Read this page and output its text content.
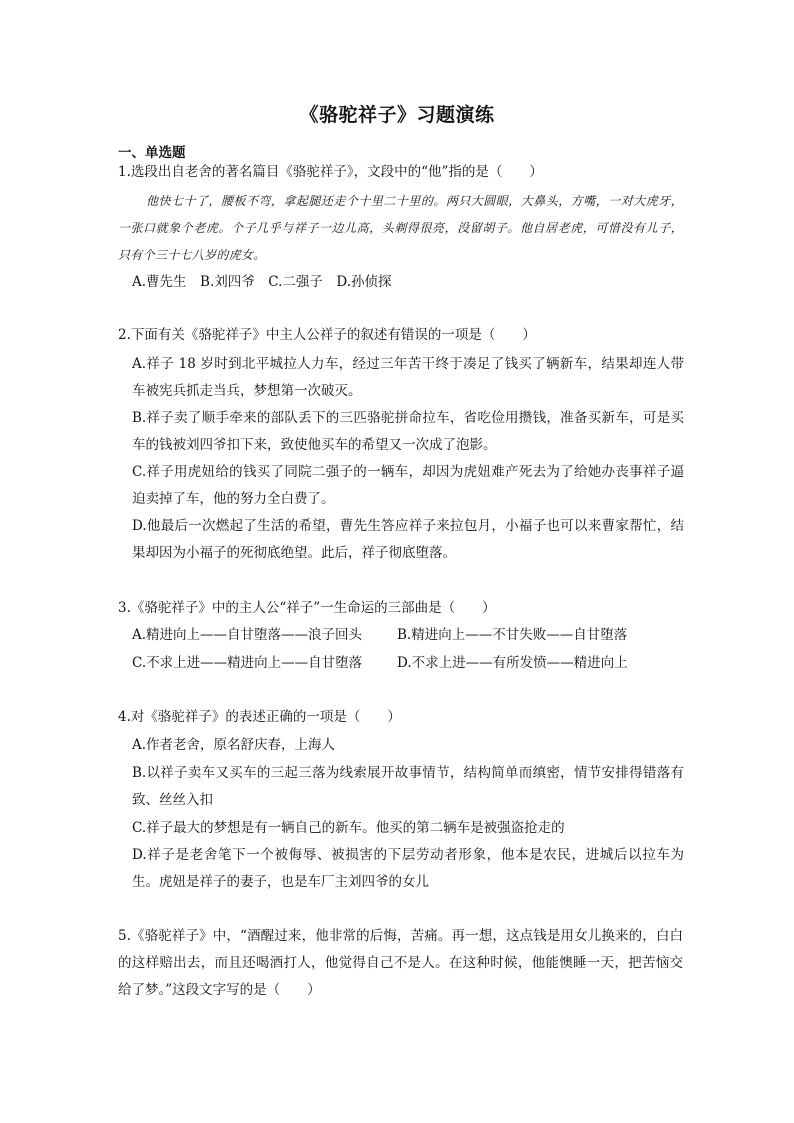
《骆驼祥子》习题演练
一、单选题
1.选段出自老舍的著名篇目《骆驼祥子》，文段中的“他”指的是（　　）
他快七十了，腰板不弯，拿起腿还走个十里二十里的。两只大圆眼，大鼻头，方嘴，一对大虎牙，一张口就象个老虎。个子几乎与祥子一边儿高，头剃得很亮，没留胡子。他自居老虎，可惜没有儿子，只有个三十七八岁的虎女。
A.曹先生　B.刘四爷　C.二强子　D.孙侦探
2.下面有关《骆驼祥子》中主人公祥子的叙述有错误的一项是（　　）
A.祥子 18 岁时到北平城拉人力车，经过三年苦干终于凑足了钱买了辆新车，结果却连人带车被宪兵抓走当兵，梦想第一次破灭。
B.祥子卖了顺手牵来的部队丢下的三匹骆驼拼命拉车，省吃俭用攒钱，准备买新车，可是买车的钱被刘四爷扣下来，致使他买车的希望又一次成了泡影。
C.祥子用虎妞给的钱买了同院二强子的一辆车，却因为虎妞难产死去为了给她办丧事祥子逼迫卖掉了车，他的努力全白费了。
D.他最后一次燃起了生活的希望，曹先生答应祥子来拉包月，小福子也可以来曹家帮忙，结果却因为小福子的死彻底绝望。此后，祥子彻底堕落。
3.《骆驼祥子》中的主人公“祥子”一生命运的三部曲是（　　）
A.精进向上——自甘堕落——浪子回头	B.精进向上——不甘失败——自甘堕落
C.不求上进——精进向上——自甘堕落	D.不求上进——有所发愤——精进向上
4.对《骆驼祥子》的表述正确的一项是（　　）
A.作者老舍，原名舒庆春，上海人
B.以祥子卖车又买车的三起三落为线索展开故事情节，结构简单而缜密，情节安排得错落有致、丝丝入扣
C.祥子最大的梦想是有一辆自己的新车。他买的第二辆车是被强盗抢走的
D.祥子是老舍笔下一个被侮辱、被损害的下层劳动者形象，他本是农民，进城后以拉车为生。虎妞是祥子的妻子，也是车厂主刘四爷的女儿
5.《骆驼祥子》中，“酒醒过来，他非常的后悔，苦痛。再一想，这点钱是用女儿换来的，白白的这样赔出去，而且还喝酒打人，他觉得自己不是人。在这种时候，他能懊睡一天，把苦恼交给了梦。”这段文字写的是（　　）
